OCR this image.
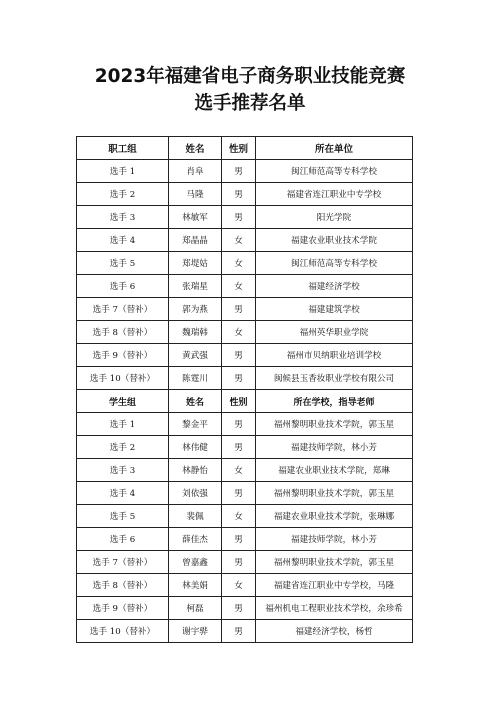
2023年福建省电子商务职业技能竞赛
选手推荐名单
职工组	姓名	性别	所在单位
选手 1	肖阜	男	闽江师范高等专科学校
选手 2	马隆	男	福建省连江职业中专学校
选手 3	林敏军	男	阳光学院
选手 4	郑晶晶	女	福建农业职业技术学院
选手 5	郑堤姑	女	闽江师范高等专科学校
选手 6	张瑞星	女	福建经济学校
选手 7（替补）	郭为燕	男	福建建筑学校
选手 8（替补）	魏瑞韩	女	福州英华职业学院
选手 9（替补）	黄武强	男	福州市贝纳职业培训学校
选手 10（替补）	陈霆川	男	闽候县玉香妆职业学校有限公司
学生组	姓名	性别	所在学校，指导老师
选手 1	黎金平	男	福州黎明职业技术学院，郭玉星
选手 2	林伟健	男	福建技师学院，林小芳
选手 3	林静怡	女	福建农业职业技术学院，郑琳
选手 4	刘依强	男	福州黎明职业技术学院，郭玉星
选手 5	裴佩	女	福建农业职业技术学院，张琳娜
选手 6	薛佳杰	男	福建技师学院，林小芳
选手 7（替补）	曾嘉鑫	男	福州黎明职业技术学院，郭玉星
选手 8（替补）	林美娟	女	福建省连江职业中专学校，马隆
选手 9（替补）	柯磊	男	福州机电工程职业技术学校，余珍希
选手 10（替补）	谢宇骅	男	福建经济学校，杨哲
